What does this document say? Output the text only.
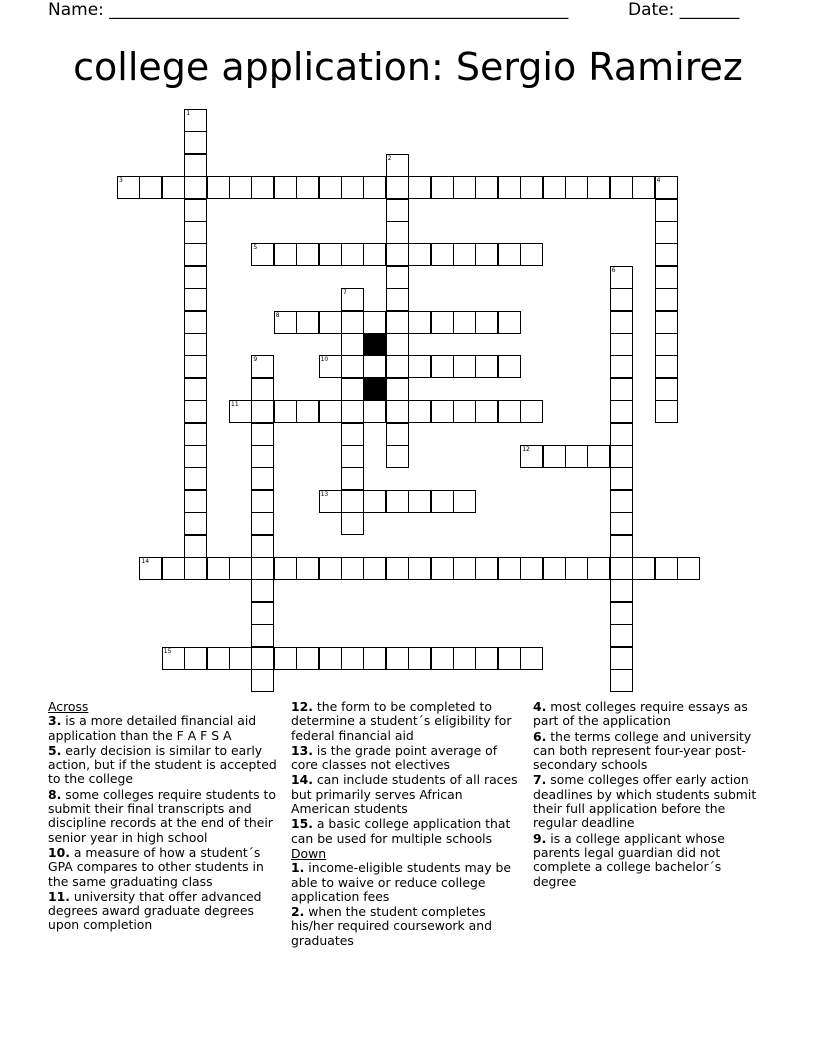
Name: ______________________________________________________	Date: _______
college application: Sergio Ramirez
3	4
5
8
10
11
12
13
14
15
1
2
6
7
9
Across
3. is a more detailed financial aid application than the F A F S A
5. early decision is similar to early action, but if the student is accepted to the college
8. some colleges require students to submit their final transcripts and discipline records at the end of their senior year in high school
10. a measure of how a student´s GPA compares to other students in the same graduating class
11. university that offer advanced degrees award graduate degrees upon completion
12. the form to be completed to determine a student´s eligibility for federal financial aid
13. is the grade point average of core classes not electives
14. can include students of all races but primarily serves African American students
15. a basic college application that can be used for multiple schools
Down
1. income-eligible students may be able to waive or reduce college application fees
2. when the student completes his/her required coursework and graduates
4. most colleges require essays as part of the application
6. the terms college and university can both represent four-year post-secondary schools
7. some colleges offer early action deadlines by which students submit their full application before the regular deadline
9. is a college applicant whose parents legal guardian did not complete a college bachelor´s degree
